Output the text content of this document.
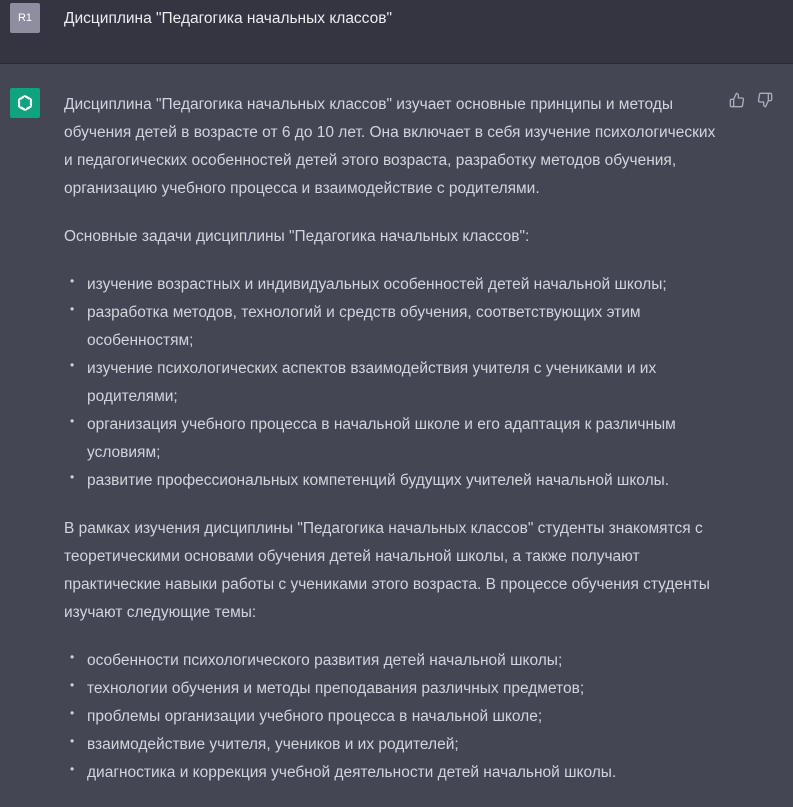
R1	Дисциплина "Педагогика начальных классов"

Дисциплина "Педагогика начальных классов" изучает основные принципы и методы обучения детей в возрасте от 6 до 10 лет. Она включает в себя изучение психологических и педагогических особенностей детей этого возраста, разработку методов обучения, организацию учебного процесса и взаимодействие с родителями.

Основные задачи дисциплины "Педагогика начальных классов":

• изучение возрастных и индивидуальных особенностей детей начальной школы;
• разработка методов, технологий и средств обучения, соответствующих этим особенностям;
• изучение психологических аспектов взаимодействия учителя с учениками и их родителями;
• организация учебного процесса в начальной школе и его адаптация к различным условиям;
• развитие профессиональных компетенций будущих учителей начальной школы.

В рамках изучения дисциплины "Педагогика начальных классов" студенты знакомятся с теоретическими основами обучения детей начальной школы, а также получают практические навыки работы с учениками этого возраста. В процессе обучения студенты изучают следующие темы:

• особенности психологического развития детей начальной школы;
• технологии обучения и методы преподавания различных предметов;
• проблемы организации учебного процесса в начальной школе;
• взаимодействие учителя, учеников и их родителей;
• диагностика и коррекция учебной деятельности детей начальной школы.
